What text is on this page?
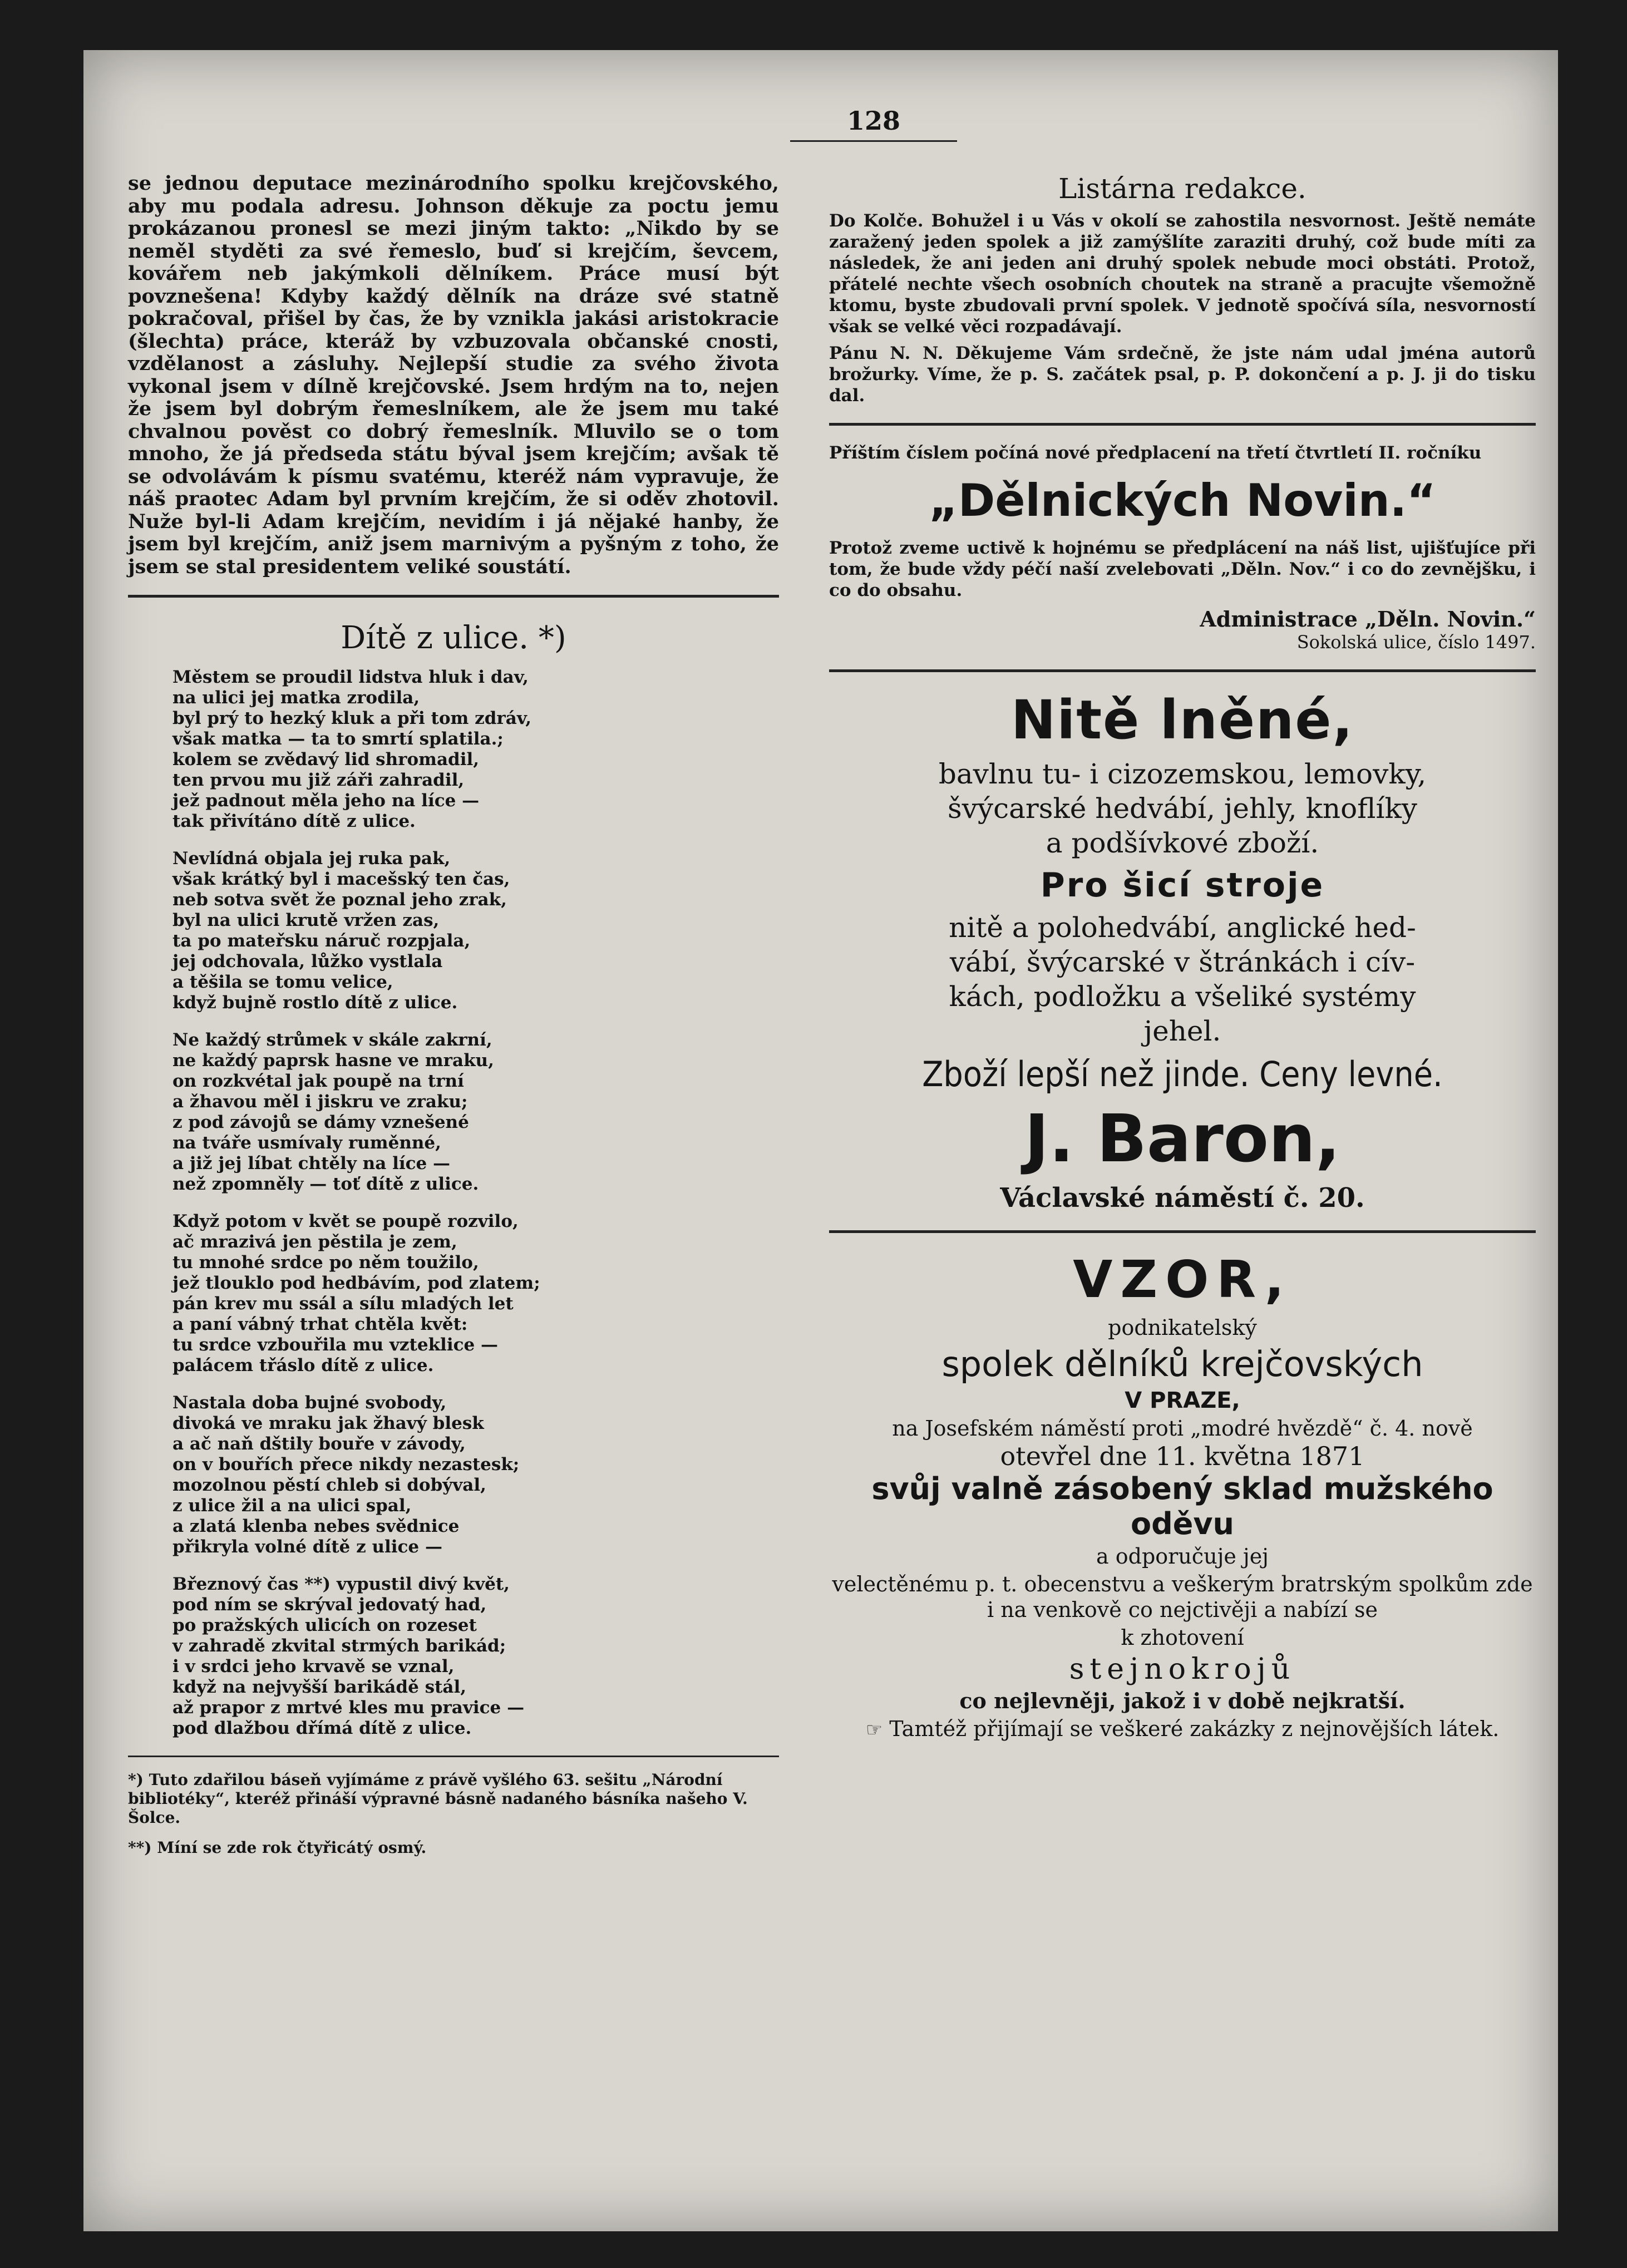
128

se jednou deputace mezinárodního spolku krejčovského, aby mu podala adresu. Johnson děkuje za poctu jemu prokázanou pronesl se mezi jiným takto: „Nikdo by se neměl styděti za své řemeslo, buď si krejčím, ševcem, kovářem neb jakýmkoli dělníkem. Práce musí být povznešena! Kdyby každý dělník na dráze své statně pokračoval, přišel by čas, že by vznikla jakási aristokracie (šlechta) práce, kteráž by vzbuzovala občanské cnosti, vzdělanost a zásluhy. Nejlepší studie za svého života vykonal jsem v dílně krejčovské. Jsem hrdým na to, nejen že jsem byl dobrým řemeslníkem, ale že jsem mu také chvalnou pověst co dobrý řemeslník. Mluvilo se o tom mnoho, že já předseda státu býval jsem krejčím; avšak tě se odvolávám k písmu svatému, kteréž nám vypravuje, že náš praotec Adam byl prvním krejčím, že si oděv zhotovil. Nuže byl-li Adam krejčím, nevidím i já nějaké hanby, že jsem byl krejčím, aniž jsem marnivým a pyšným z toho, že jsem se stal presidentem veliké soustátí.

Dítě z ulice. *)
Městem se proudil lidstva hluk i dav,
na ulici jej matka zrodila,
byl prý to hezký kluk a při tom zdráv,
však matka — ta to smrtí splatila.;
kolem se zvědavý lid shromadil,
ten prvou mu již záři zahradil,
jež padnout měla jeho na líce —
tak přivítáno dítě z ulice.
Nevlídná objala jej ruka pak,
však krátký byl i macešský ten čas,
neb sotva svět že poznal jeho zrak,
byl na ulici krutě vržen zas,
ta po mateřsku náruč rozpjala,
jej odchovala, lůžko vystlala
a těšila se tomu velice,
když bujně rostlo dítě z ulice.
Ne každý strůmek v skále zakrní,
ne každý paprsk hasne ve mraku,
on rozkvétal jak poupě na trní
a žhavou měl i jiskru ve zraku;
z pod závojů se dámy vznešené
na tváře usmívaly ruměnné,
a již jej líbat chtěly na líce —
než zpomněly — toť dítě z ulice.
Když potom v květ se poupě rozvilo,
ač mrazivá jen pěstila je zem,
tu mnohé srdce po něm toužilo,
jež tlouklo pod hedbávím, pod zlatem;
pán krev mu ssál a sílu mladých let
a paní vábný trhat chtěla květ:
tu srdce vzbouřila mu vzteklice —
palácem třáslo dítě z ulice.
Nastala doba bujné svobody,
divoká ve mraku jak žhavý blesk
a ač naň dštily bouře v závody,
on v bouřích přece nikdy nezastesk;
mozolnou pěstí chleb si dobýval,
z ulice žil a na ulici spal,
a zlatá klenba nebes svědnice
přikryla volné dítě z ulice —
Březnový čas **) vypustil divý květ,
pod ním se skrýval jedovatý had,
po pražských ulicích on rozeset
v zahradě zkvital strmých barikád;
i v srdci jeho krvavě se vznal,
když na nejvyšší barikádě stál,
až prapor z mrtvé kles mu pravice —
pod dlažbou dřímá dítě z ulice.
*) Tuto zdařilou báseň vyjímáme z právě vyšlého 63. sešitu „Národní bibliotéky“, kteréž přináší výpravné básně nadaného básníka našeho V. Šolce.
**) Míní se zde rok čtyřicátý osmý.
Listárna redakce.

Do Kolče. Bohužel i u Vás v okolí se zahostila nesvornost. Ještě nemáte zaražený jeden spolek a již zamýšlíte zaraziti druhý, což bude míti za následek, že ani jeden ani druhý spolek nebude moci obstáti. Protož, přátelé nechte všech osobních choutek na straně a pracujte všemožně ktomu, byste zbudovali první spolek. V jednotě spočívá síla, nesvorností však se velké věci rozpadávají.

Pánu N. N. Děkujeme Vám srdečně, že jste nám udal jména autorů brožurky. Víme, že p. S. začátek psal, p. P. dokončení a p. J. ji do tisku dal.

Příštím číslem počíná nové předplacení na třetí čtvrtletí II. ročníku

„Dělnických Novin.“

Protož zveme uctivě k hojnému se předplácení na náš list, ujišťujíce při tom, že bude vždy péčí naší zvelebovati „Děln. Nov.“ i co do zevnějšku, i co do obsahu.

Administrace „Děln. Novin.“
Sokolská ulice, číslo 1497.
Nitě lněné,

bavlnu tu- i cizozemskou, lemovky,

švýcarské hedvábí, jehly, knoflíky

a podšívkové zboží.

Pro šicí stroje

nitě a polohedvábí, anglické hed-

vábí, švýcarské v štránkách i cív-

kách, podložku a všeliké systémy

jehel.

Zboží lepší než jinde. Ceny levné.
J. Baron,
Václavské náměstí č. 20.
VZOR,
podnikatelský
spolek dělníků krejčovských
V PRAZE,
na Josefském náměstí proti „modré hvězdě“ č. 4. nově
otevřel dne 11. května 1871
svůj valně zásobený sklad mužského oděvu
a odporučuje jej
velectěnému p. t. obecenstvu a veškerým bratrským spolkům zde i na venkově co nejctivěji a nabízí se
k zhotovení
stejnokrojů
co nejlevněji, jakož i v době nejkratší.
☞ Tamtéž přijímají se veškeré zakázky z nejnovějších látek.
